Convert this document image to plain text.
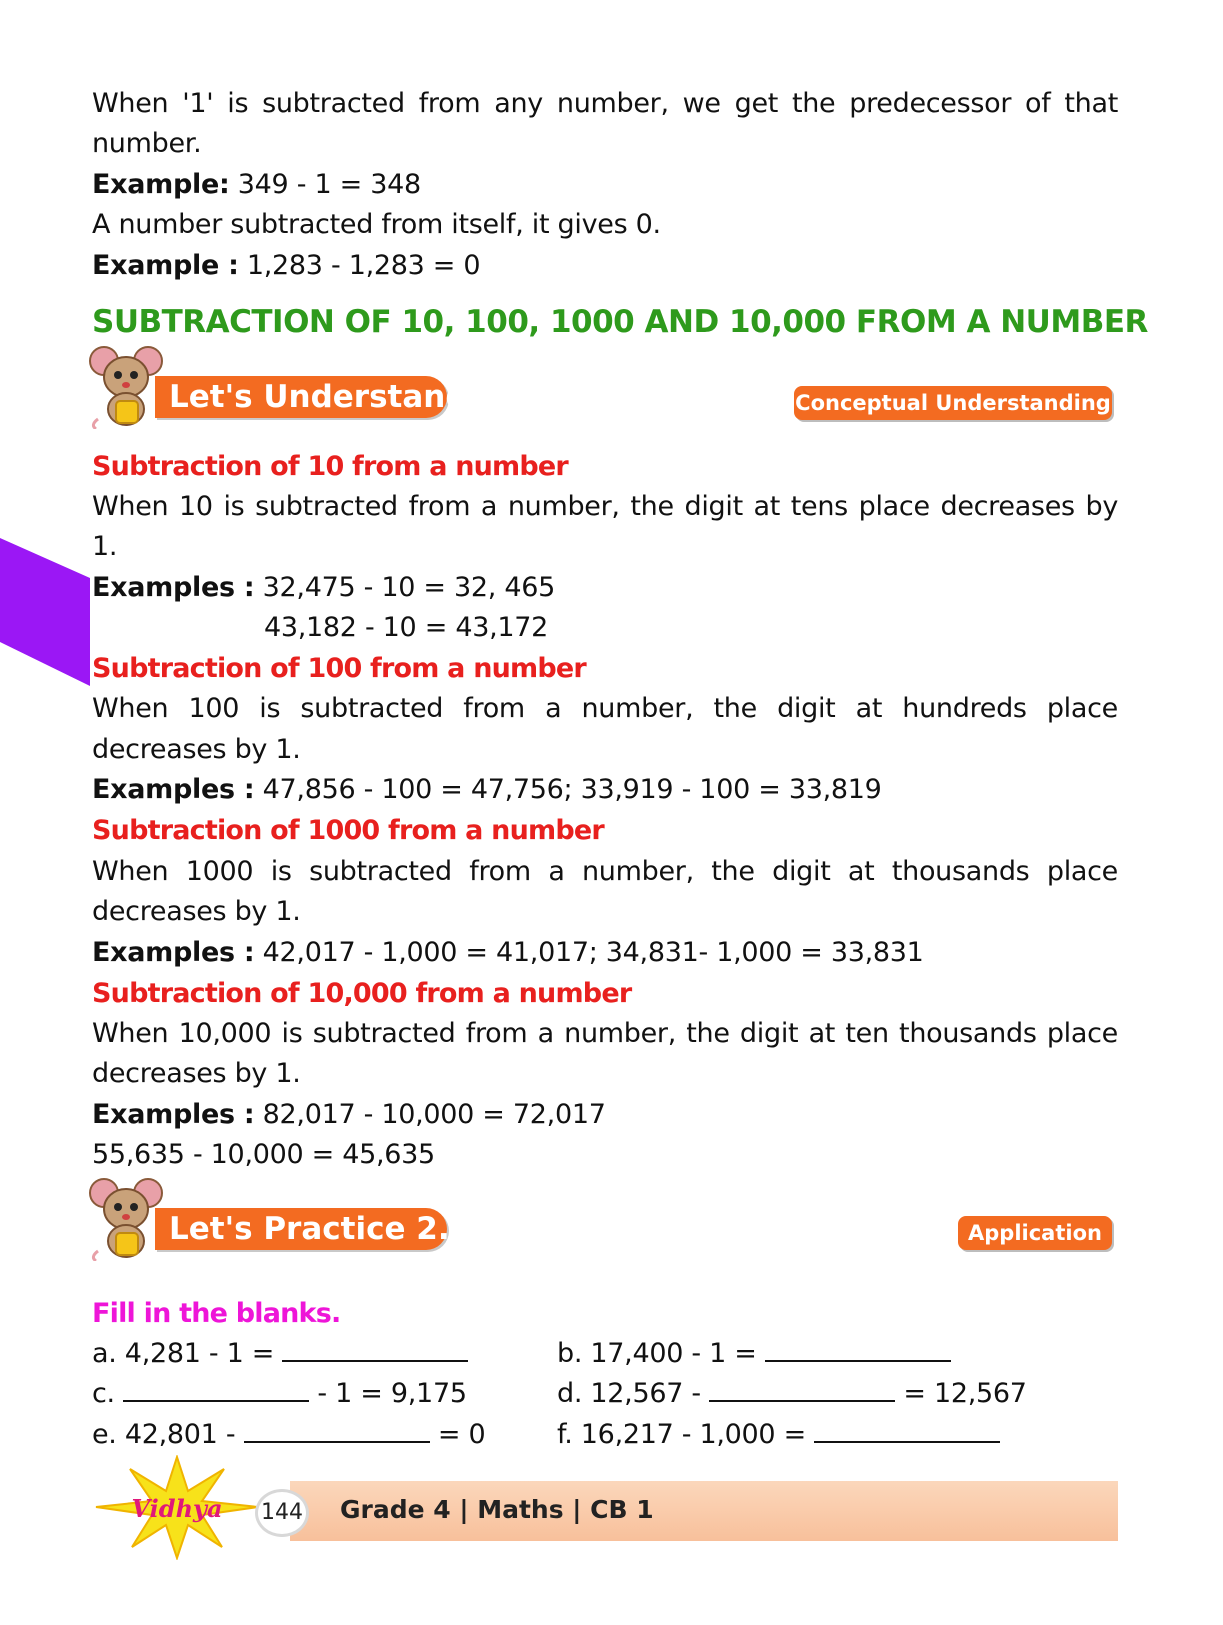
When '1' is subtracted from any number, we get the predecessor of that
number.
Example: 349 - 1 = 348
A number subtracted from itself, it gives 0.
Example : 1,283 - 1,283 = 0
SUBTRACTION OF 10, 100, 1000 AND 10,000 FROM A NUMBER
Let's Understand	Conceptual Understanding
Subtraction of 10 from a number
When 10 is subtracted from a number, the digit at tens place decreases by
1.
Examples : 32,475 - 10 = 32, 465
43,182 - 10 = 43,172
Subtraction of 100 from a number
When 100 is subtracted from a number, the digit at hundreds place
decreases by 1.
Examples : 47,856 - 100 = 47,756; 33,919 - 100 = 33,819
Subtraction of 1000 from a number
When 1000 is subtracted from a number, the digit at thousands place
decreases by 1.
Examples : 42,017 - 1,000 = 41,017; 34,831- 1,000 = 33,831
Subtraction of 10,000 from a number
When 10,000 is subtracted from a number, the digit at ten thousands place
decreases by 1.
Examples : 82,017 - 10,000 = 72,017
55,635 - 10,000 = 45,635
Let's Practice 2.9	Application
Fill in the blanks.
a. 4,281 - 1 =	b. 17,400 - 1 =
c.	- 1 = 9,175	d. 12,567 -	= 12,567
e. 42,801 -	= 0	f. 16,217 - 1,000 =
Vidhya 144 Grade 4 | Maths | CB 1
